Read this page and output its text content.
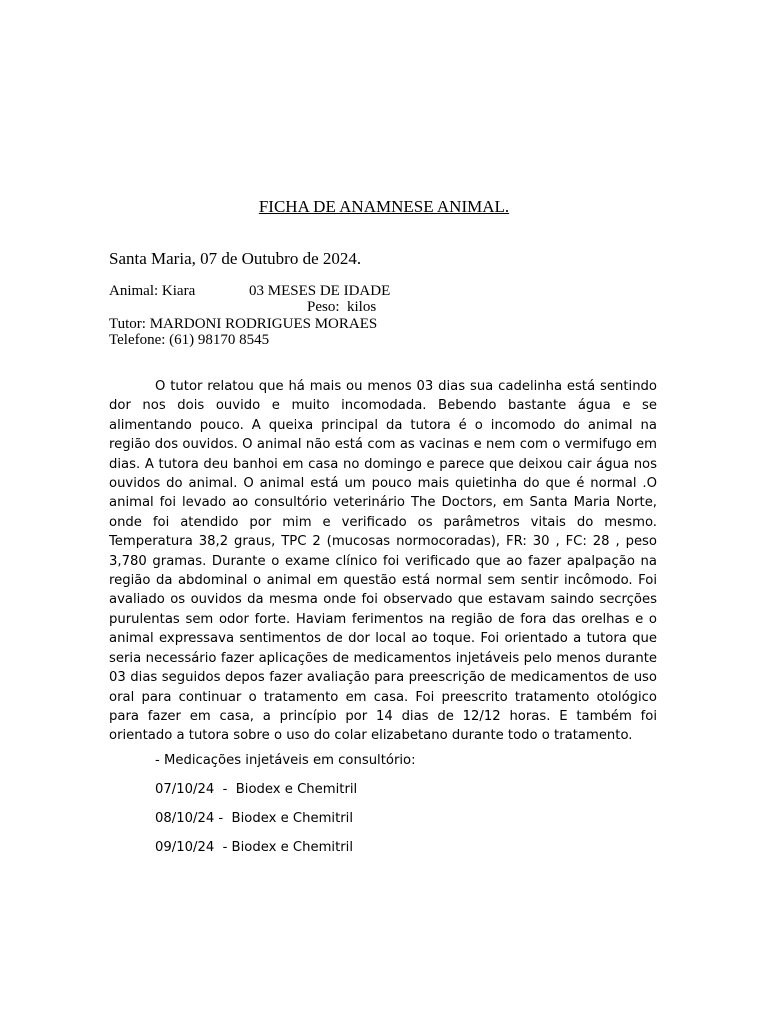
FICHA DE ANAMNESE ANIMAL.
Santa Maria, 07 de Outubro de 2024.
Animal: Kiara	03 MESES DE IDADE
Peso:  kilos
Tutor: MARDONI RODRIGUES MORAES
Telefone: (61) 98170 8545

O tutor relatou que há mais ou menos 03 dias sua cadelinha está sentindo dor nos dois ouvido e muito incomodada. Bebendo bastante água e se alimentando pouco. A queixa principal da tutora é o incomodo do animal na região dos ouvidos. O animal não está com as vacinas e nem com o vermifugo em dias. A tutora deu banhoi em casa no domingo e parece que deixou cair água nos ouvidos do animal. O animal está um pouco mais quietinha do que é normal .O animal foi levado ao consultório veterinário The Doctors, em Santa Maria Norte, onde foi atendido por mim e verificado os parâmetros vitais do mesmo. Temperatura 38,2 graus, TPC 2 (mucosas normocoradas), FR: 30 , FC: 28 , peso 3,780 gramas. Durante o exame clínico foi verificado que ao fazer apalpação na região da abdominal o animal em questão está normal sem sentir incômodo. Foi avaliado os ouvidos da mesma onde foi observado que estavam saindo secrções purulentas sem odor forte. Haviam ferimentos na região de fora das orelhas e o animal expressava sentimentos de dor local ao toque. Foi orientado a tutora que seria necessário fazer aplicações de medicamentos injetáveis pelo menos durante 03 dias seguidos depos fazer avaliação para preescrição de medicamentos de uso oral para continuar o tratamento em casa. Foi preescrito tratamento otológico para fazer em casa, a princípio por 14 dias de 12/12 horas. E também foi orientado a tutora sobre o uso do colar elizabetano durante todo o tratamento.

- Medicações injetáveis em consultório:
07/10/24  -  Biodex e Chemitril
08/10/24 -  Biodex e Chemitril
09/10/24  - Biodex e Chemitril
